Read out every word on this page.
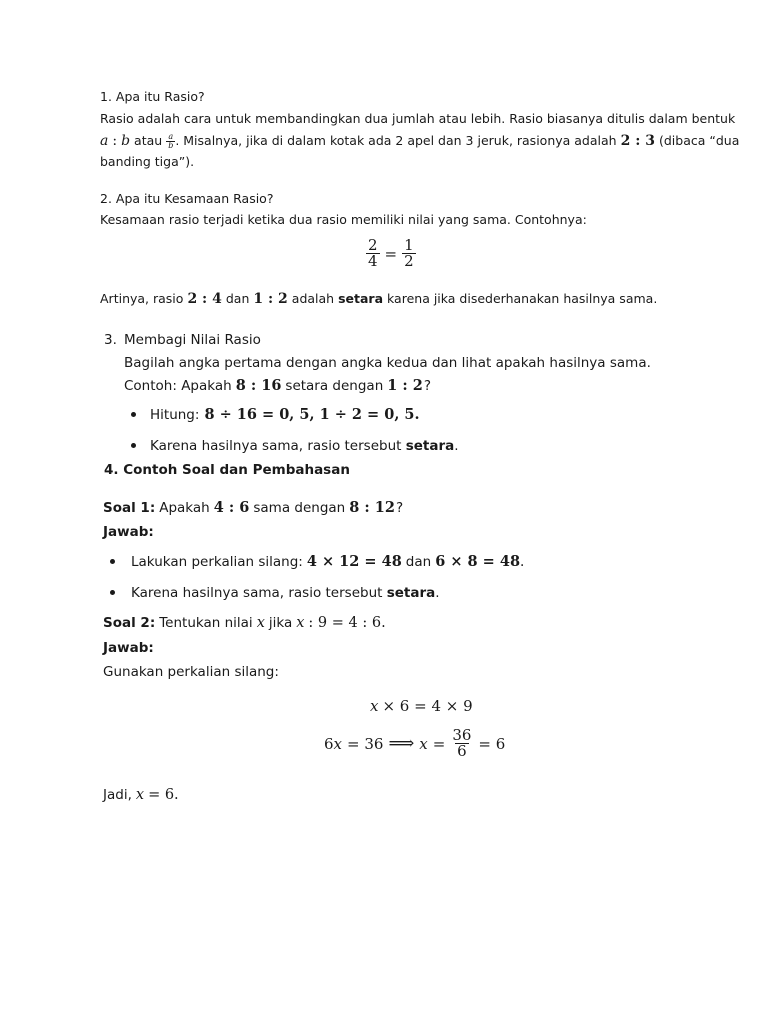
1. Apa itu Rasio?
Rasio adalah cara untuk membandingkan dua jumlah atau lebih. Rasio biasanya ditulis dalam bentuk
a : b atau $\frac{a}{b}$ . Misalnya, jika di dalam kotak ada 2 apel dan 3 jeruk, rasionya adalah 2 : 3 (dibaca “dua
banding tiga”).
2. Apa itu Kesamaan Rasio?
Kesamaan rasio terjadi ketika dua rasio memiliki nilai yang sama. Contohnya:
$\frac{2}{4} = \frac{1}{2}$
Artinya, rasio 2 : 4 dan 1 : 2 adalah setara karena jika disederhanakan hasilnya sama.
3. Membagi Nilai Rasio
Bagilah angka pertama dengan angka kedua dan lihat apakah hasilnya sama.
Contoh: Apakah 8 : 16 setara dengan 1 : 2 ?
Hitung: 8 ÷ 16 = 0, 5, 1 ÷ 2 = 0, 5.
Karena hasilnya sama, rasio tersebut setara.
4. Contoh Soal dan Pembahasan
Soal 1: Apakah 4 : 6 sama dengan 8 : 12 ?
Jawab:
Lakukan perkalian silang: 4 × 12 = 48 dan 6 × 8 = 48 .
Karena hasilnya sama, rasio tersebut setara.
Soal 2: Tentukan nilai x jika x : 9 = 4 : 6.
Jawab:
Gunakan perkalian silang:
x × 6 = 4 × 9
6 x = 36 ⟹ $x = \frac{36}{6} = 6$
Jadi, x = 6.
